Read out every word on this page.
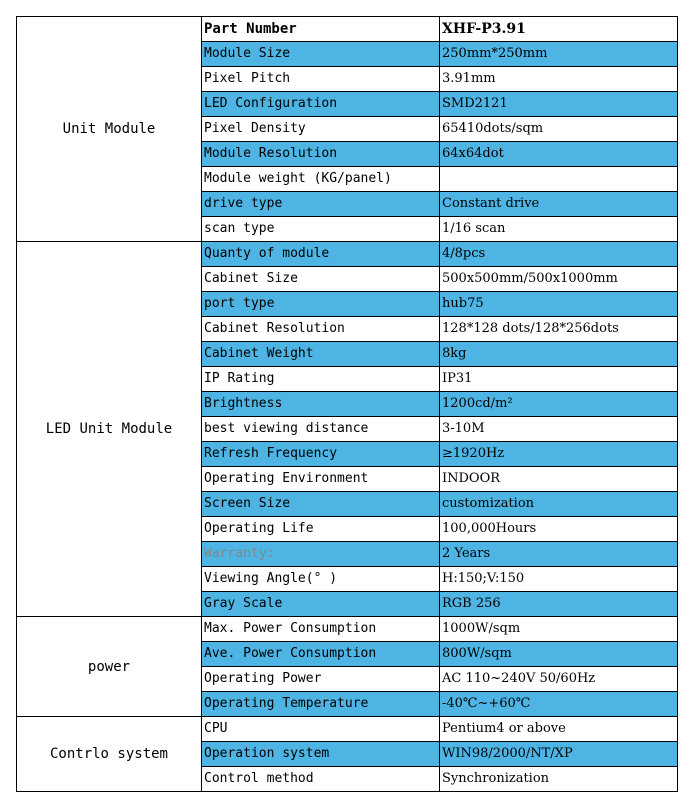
Unit Module	Part Number	XHF-P3.91
	Module Size	250mm*250mm
	Pixel Pitch	3.91mm
	LED Configuration	SMD2121
	Pixel Density	65410dots/sqm
	Module Resolution	64x64dot
	Module weight (KG/panel)	
	drive type	Constant drive
	scan type	1/16 scan
LED Unit Module	Quanty of module	4/8pcs
	Cabinet Size	500x500mm/500x1000mm
	port type	hub75
	Cabinet Resolution	128*128 dots/128*256dots
	Cabinet Weight	8kg
	IP Rating	IP31
	Brightness	1200cd/m²
	best viewing distance	3-10M
	Refresh Frequency	≥1920Hz
	Operating Environment	INDOOR
	Screen Size	customization
	Operating Life	100,000Hours
	Warranty:	2 Years
	Viewing Angle(° )	H:150;V:150
	Gray Scale	RGB 256
power	Max. Power Consumption	1000W/sqm
	Ave. Power Consumption	800W/sqm
	Operating Power	AC 110~240V 50/60Hz
	Operating Temperature	-40℃~+60℃
Contrlo system	CPU	Pentium4 or above
	Operation system	WIN98/2000/NT/XP
	Control method	Synchronization
